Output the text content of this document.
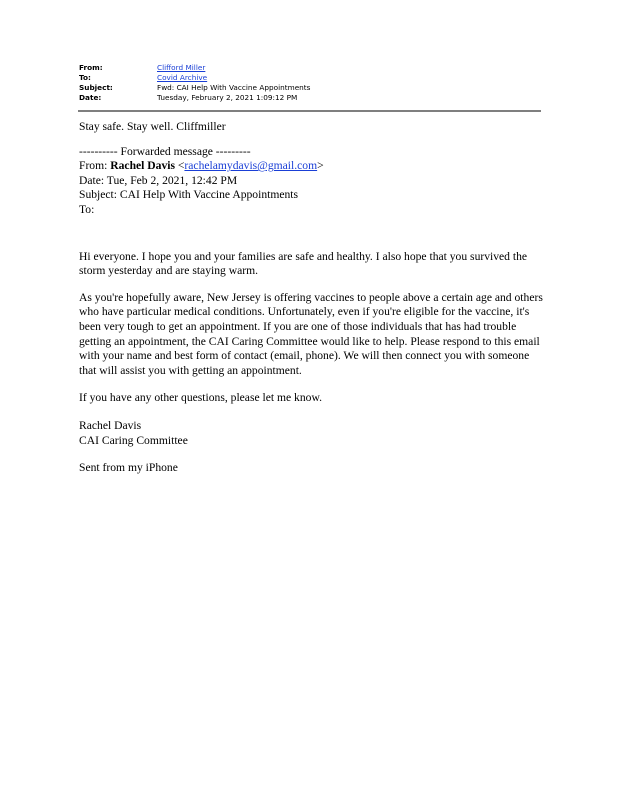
From:	Clifford Miller
To:	Covid Archive
Subject:	Fwd: CAI Help With Vaccine Appointments
Date:	Tuesday, February 2, 2021 1:09:12 PM

Stay safe. Stay well. Cliffmiller

---------- Forwarded message ---------

From: Rachel Davis <rachelamydavis@gmail.com>

Date: Tue, Feb 2, 2021, 12:42 PM

Subject: CAI Help With Vaccine Appointments

To:

Hi everyone. I hope you and your families are safe and healthy. I also hope that you survived the storm yesterday and are staying warm.

As you're hopefully aware, New Jersey is offering vaccines to people above a certain age and others who have particular medical conditions. Unfortunately, even if you're eligible for the vaccine, it's been very tough to get an appointment. If you are one of those individuals that has had trouble getting an appointment, the CAI Caring Committee would like to help. Please respond to this email with your name and best form of contact (email, phone). We will then connect you with someone that will assist you with getting an appointment.

If you have any other questions, please let me know.

Rachel Davis

CAI Caring Committee

Sent from my iPhone
